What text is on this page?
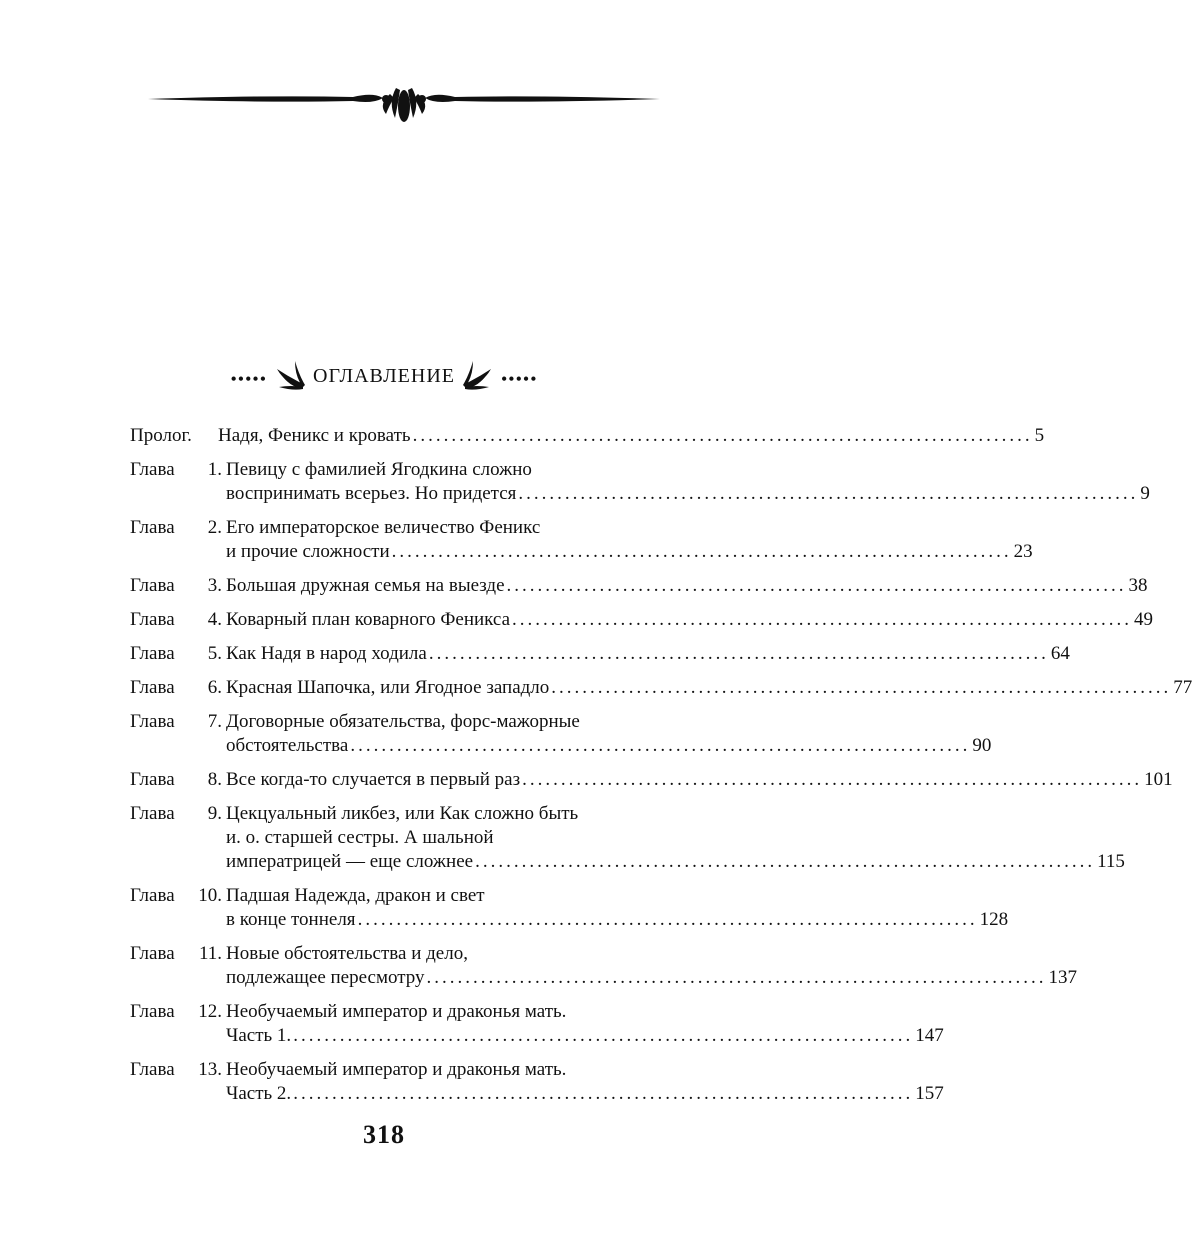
••••• оглавление	•••••
Пролог.	Надя, Феникс и кровать ................................................................................ 5
Глава	1. Певицу с фамилией Ягодкина сложно
воспринимать всерьез. Но придется ................................................................................ 9
Глава	2. Его императорское величество Феникс
и прочие сложности ................................................................................ 23
Глава	3. Большая дружная семья на выезде ................................................................................ 38
Глава	4. Коварный план коварного Феникса ................................................................................ 49
Глава	5. Как Надя в народ ходила ................................................................................ 64
Глава	6. Красная Шапочка, или Ягодное западло ................................................................................ 77
Глава	7. Договорные обязательства, форс-мажорные
обстоятельства ................................................................................ 90
Глава	8. Все когда-то случается в первый раз ................................................................................ 101
Глава	9. Цекцуальный ликбез, или Как сложно быть
и. о. старшей сестры. А шальной
императрицей — еще сложнее ................................................................................ 115
Глава	10. Падшая Надежда, дракон и свет
в конце тоннеля ................................................................................ 128
Глава	11. Новые обстоятельства и дело,
подлежащее пересмотру ................................................................................ 137
Глава	12. Необучаемый император и драконья мать.
Часть 1. ................................................................................ 147
Глава	13. Необучаемый император и драконья мать.
Часть 2. ................................................................................ 157
318
